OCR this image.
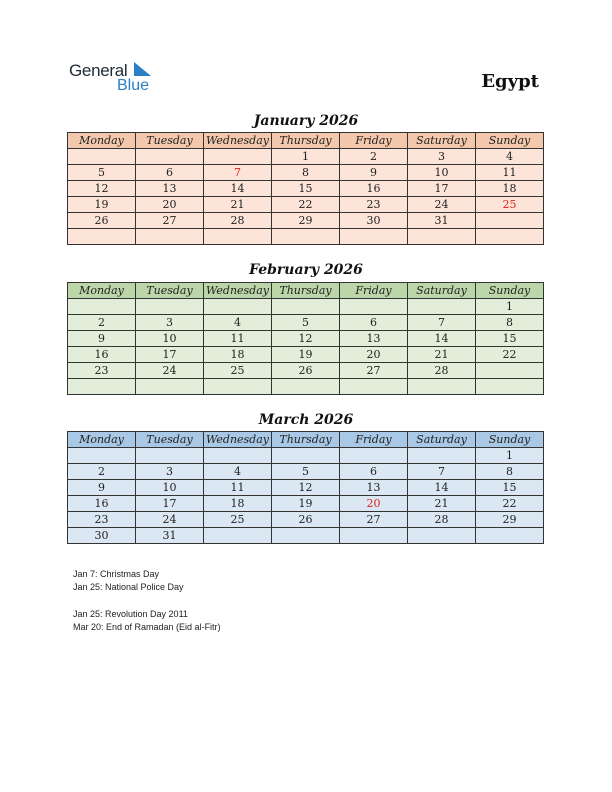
General
Blue	Egypt
January 2026
Monday	Tuesday	Wednesday	Thursday	Friday	Saturday	Sunday
			1	2	3	4
5	6	7	8	9	10	11
12	13	14	15	16	17	18
19	20	21	22	23	24	25
26	27	28	29	30	31	

February 2026
Monday	Tuesday	Wednesday	Thursday	Friday	Saturday	Sunday
						1
2	3	4	5	6	7	8
9	10	11	12	13	14	15
16	17	18	19	20	21	22
23	24	25	26	27	28	

March 2026
Monday	Tuesday	Wednesday	Thursday	Friday	Saturday	Sunday
						1
2	3	4	5	6	7	8
9	10	11	12	13	14	15
16	17	18	19	20	21	22
23	24	25	26	27	28	29
30	31					
Jan 7: Christmas Day
Jan 25: National Police Day
Jan 25: Revolution Day 2011
Mar 20: End of Ramadan (Eid al-Fitr)
